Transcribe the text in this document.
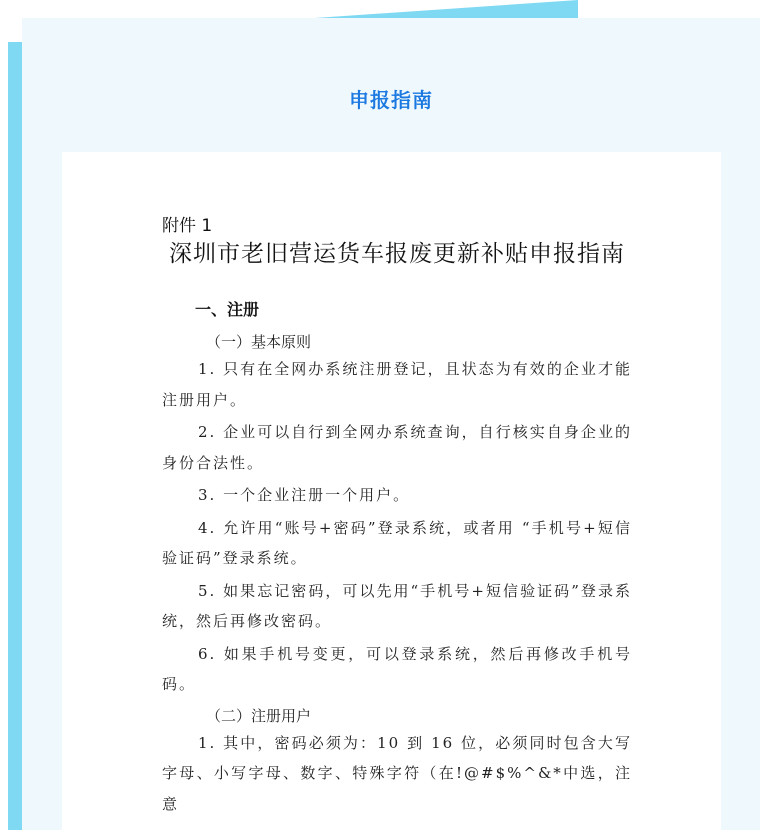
申报指南
附件 1
深圳市老旧营运货车报废更新补贴申报指南
一、注册
（一）基本原则

1. 只有在全网办系统注册登记，且状态为有效的企业才能注册用户。

2. 企业可以自行到全网办系统查询，自行核实自身企业的身份合法性。

3. 一个企业注册一个用户。

4. 允许用“账号+密码”登录系统，或者用 “手机号+短信验证码”登录系统。

5. 如果忘记密码，可以先用“手机号+短信验证码”登录系统，然后再修改密码。

6. 如果手机号变更，可以登录系统，然后再修改手机号码。

（二）注册用户

1. 其中，密码必须为：10 到 16 位，必须同时包含大写字母、小写字母、数字、特殊字符（在!@#$%^&*中选，注意
